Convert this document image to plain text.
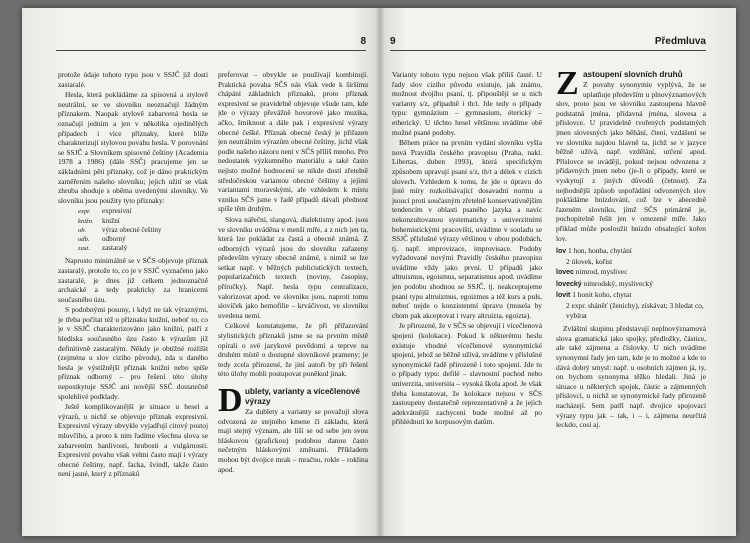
8

protože údaje tohoto typu jsou v SSJČ již dosti zastaralé.

Hesla, která pokládáme za spisovná a stylově neutrální, se ve slovníku neoznačují žádným příznakem. Naopak stylově zabarvená hesla se označují jedním a jen v několika ojedinělých případech i více příznaky, které blíže charakterizují stylovou povahu hesla. V porovnání se SSJČ a Slovníkem spisovné češtiny (Academia 1978 a 1986) (dále SSČ) pracujeme jen se základními pěti příznaky, což je dáno praktickým zaměřením našeho slovníku; jejich užití se však zhruba shoduje s oběma uvedenými slovníky. Ve slovníku jsou použity tyto příznaky:

expr.	expresivní
knižn.	knižní
ob.	výraz obecné češtiny
odb.	odborný
zast.	zastaralý

Naprosto minimálně se v SČS objevuje příznak zastaralý, protože to, co je v SSJČ vyznačeno jako zastaralé, je dnes již celkem jednoznačně archaické a tedy prakticky za hranicemi současného úzu.

S podobnými posuny, i když ne tak výraznými, je třeba počítat též u příznaku knižní, neboť to, co je v SSJČ charakterizováno jako knižní, patří z hlediska současného úzu často k výrazům již definitivně zastaralým. Někdy je obtížné rozlišit (zejména u slov cizího původu), zda u daného hesla je výstižnější příznak knižní nebo spíše příznak odborný – pro řešení této úlohy nepostkytuje SSJČ ani novější SSČ dostatečně spolehlivé podklady.

Ještě komplikovanější je situace u hesel a výrazů, u nichž se objevuje příznak expresivní. Expresivní výrazy obvykle vyjadřují citový postoj mluvčího, a proto k nim řadíme všechna slova se zabarvením hanlivosti, hrubosti a vulgárnosti. Expresivní povahu však velmi často mají i výrazy obecné češtiny, např. facka, švindl, takže často není jasné, který z příznaků

preferovat – obvykle se používají kombinují. Praktická povaha SČS nás však vede k širšímu chápání základních příznaků, proto příznak expresivní se pravidelně objevuje všude tam, kde jde o výrazy převážně hovorové jako muzika, ačko, šmiknout a dále pak i expresivní výrazy obecné češké. Příznak obecné český je přiřazen jen neutrálním výrazům obecné češtiny, jichž však podle našeho názoru není v SČS příliš mnoho. Pro nedostatek výzkumného materiálu a také často nejisto možné hodnocení se nikde dosti zřetelně středočeskou variantou obecné češtiny a jejími variantami moravskými, ale vzhledem k místu vzniku SČS jsme v řadě případů dávali přednost spíše těm druhým.

Slova nářeční, slangová, dialektismy apod. jsou ve slovníku uváděna v menší míře, a z nich jen ta, která lze pokládat za častá a obecně známá. Z odborných výrazů jsou do slovníku zařazeny především výrazy obecně známé, s nimiž se lze setkat např. v běžných publicistických textech, popularizačních textech (noviny, časopisy, příručky). Např. hesla typu centralizace, valorizovat apod. ve slovníku jsou, naproti tomu slovíček jako hemofilie – krváčivost, ve slovníku uvedena nemí.

Celkové konstatujeme, že při přiřazování stylistických příznaků jsme se na prvním místě opírali o své jazykové povědomí a teprve na druhém místě o dostupné slovníkové prameny; je tedy zcela přirozené, že jiní autoři by při řešení této úlohy mohli postupovat poněkud jinak.

D ublety, varianty a vícečlenové výrazy

Za dublety a varianty se považují slova odvozená ze stejného kmene či základu, která mají stejný význam, ale liší se od sebe jen svou hláskovou (grafickou) podobou danou často nečetným hláskovými změnami. Příkladem mohou být dvojice mrak – mračno, rokle – roklina apod.

9	Předmluva

Varianty tohoto typu nejsou však příliš časté. U řady slov cizího původu existuje, jak známo, možnost dvojího psaní, tj. připouštějí se u nich varianty s/z, případně i th/t. Jde tedy o případy typu: gymnázium – gymnasium, éterický – etherický. U těchto hesel většinou uvádíme obě možné psané podoby.

Během práce na prvním vydání slovníku vyšla nová Pravidla českého pravopisu (Praha, nakl. Libertas, duben 1993), která specifickým způsobem upravují psaní s/z, th/t a délek v cizích slovech. Vzhledem k tomu, že jde o úpravu do jisté míry rozkolísávající dosavadní normu a jsoucí proti současným zřetelně konservativnějším tendencím v oblasti psaného jazyka a navíc nekonzultovanou systematicky s univerzitními bohemistickými pracovišti, uvádíme v souladu se SSJČ příslušné výrazy většinou v obou podobách, tj. např. improvizace, improvisace. Podoby vyžadované novými Pravidly českého pravopisu uvádíme vždy jako první. U případů jako altruismus, egoismus, separatismus apod. uvádíme jen podobu shodnou se SSJČ, tj. neakceptujeme psaní typu altruizmus, egoizmus a též kurs a puls, neboť nejde o konzistentní úpravu (musela by chom pak akceptovat i tvary altruizta, egoizta).

Je přirozené, že v SČS se objevují i vícečlenová spojení (kolokace). Pokud k některému heslu existuje vhodné vícečlenové synonymické spojení, jehož se běžně užívá, uvádíme v příslušné synonymické řadě přirozeně i toto spojení. Jde tu o případy typu: defilé – slavnostní pochod nebo univerzita, universita – vysoká škola apod. Je však třeba konstatovat, že kolokace nejsou v SČS zastoupeny dostatečně reprezentativně a že jejich adekvátnější zachycení bude možné až po přihlédnutí ke korpusovým datům.

Z astoupení slovních druhů

Z povahy synonymie vyplývá, že se uplatňuje především u plnovýznamových slov, proto jsou ve slovníku zastoupena hlavně podstatná jména, přídavná jména, slovesa a příslovce. U pravidelně tvořených podstatných jmen slovesných jako běhání, čtení, vzdášení se ve slovníku najdou hlavně ta, jichž se v jazyce běžně užívá, např. vzdělání, určení apod. Příslovce se uvádějí, pokud nejsou odvozena z přídavných jmen nebo (je-li o případy, které se vyskytují z jiných důvodů (četnost). Za nejhodnější způsob uspořádání odvozených slov pokládáme hnízdování, což lze v abecedně řazeném slovníku, jímž SČS primárně je, pochopitelně řešit jen v omezené míře. Jako příklad může posloužit hnízdo obsahující kořen lov.

lov 1 hon, honba, chytání
2 úlovek, kořist

lovec nimrod, myslivec

lovecký nimrodský, myslivecký

lovit 1 honit koho, chytat
2 expr. sháněť (ženichy), získávat; 3 hledat co, vybírat

Zvláštní skupinu představují neplnovýznamová slova gramatická jako spojky, předložky, částice, ale také zájmena a číslovky. U nich uvádíme synonymní řady jen tam, kde je to možné a kde to dává dobrý smysl: např. u osobních zájmen já, ty, on bychom synonyma těžko hledali. Jiná je situace u některých spojek, částic a zájmenných příslovcí, u nichž se synonymické řady přirozeně nacházejí. Sem patří např. dvojice spojovací výrazy typu jak – tak, i – i, zájmena neurčitá leckdo, cosi aj.
